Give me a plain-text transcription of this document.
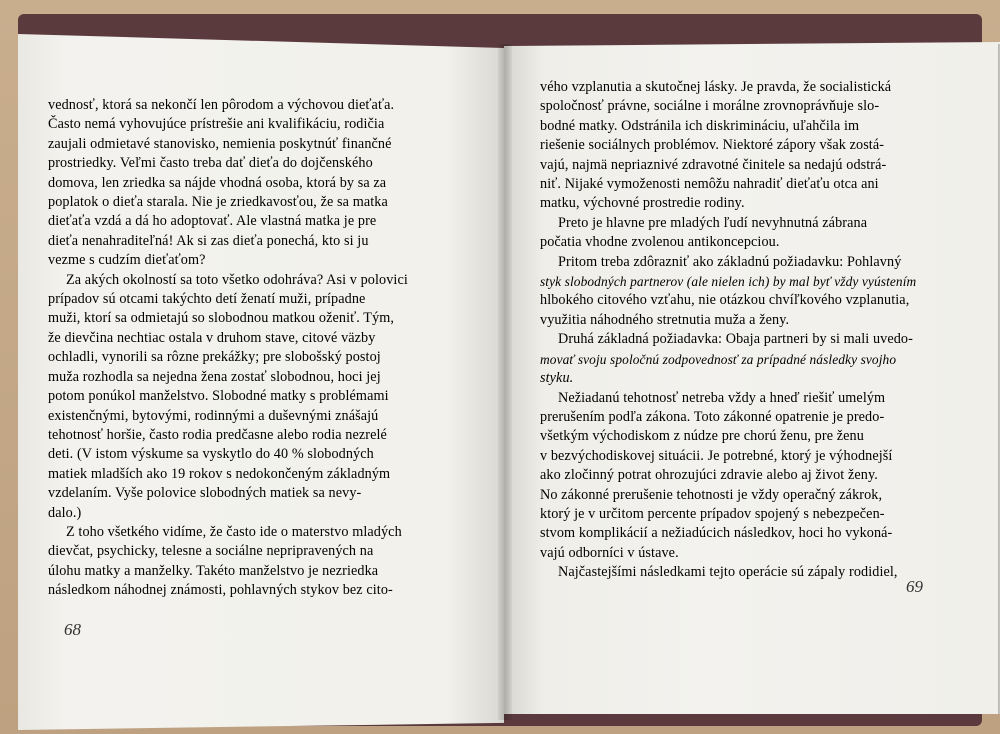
vednosť, ktorá sa nekončí len pôrodom a výchovou dieťaťa.
Často nemá vyhovujúce prístrešie ani kvalifikáciu, rodičia
zaujali odmietavé stanovisko, nemienia poskytnúť finančné
prostriedky. Veľmi často treba dať dieťa do dojčenského
domova, len zriedka sa nájde vhodná osoba, ktorá by sa za
poplatok o dieťa starala. Nie je zriedkavosťou, že sa matka
dieťaťa vzdá a dá ho adoptovať. Ale vlastná matka je pre
dieťa nenahraditeľná! Ak si zas dieťa ponechá, kto si ju
vezme s cudzím dieťaťom?
Za akých okolností sa toto všetko odohráva? Asi v polovici
prípadov sú otcami takýchto detí ženatí muži, prípadne
muži, ktorí sa odmietajú so slobodnou matkou oženiť. Tým,
že dievčina nechtiac ostala v druhom stave, citové väzby
ochladli, vynorili sa rôzne prekážky; pre slobošský postoj
muža rozhodla sa nejedna žena zostať slobodnou, hoci jej
potom ponúkol manželstvo. Slobodné matky s problémami
existenčnými, bytovými, rodinnými a duševnými znášajú
tehotnosť horšie, často rodia predčasne alebo rodia nezrelé
deti. (V istom výskume sa vyskytlo do 40 % slobodných
matiek mladších ako 19 rokov s nedokončeným základným
vzdelaním. Vyše polovice slobodných matiek sa nevy-
dalo.)
Z toho všetkého vidíme, že často ide o materstvo mladých
dievčat, psychicky, telesne a sociálne nepripravených na
úlohu matky a manželky. Takéto manželstvo je nezriedka
následkom náhodnej známosti, pohlavných stykov bez cito-
68
vého vzplanutia a skutočnej lásky. Je pravda, že socialistická
spoločnosť právne, sociálne i morálne zrovnoprávňuje slo-
bodné matky. Odstránila ich diskrimináciu, uľahčila im
riešenie sociálnych problémov. Niektoré zápory však zostá-
vajú, najmä nepriaznivé zdravotné činitele sa nedajú odstrá-
niť. Nijaké vymoženosti nemôžu nahradiť dieťaťu otca ani
matku, výchovné prostredie rodiny.
Preto je hlavne pre mladých ľudí nevyhnutná zábrana
počatia vhodne zvolenou antikoncepciou.
Pritom treba zdôrazniť ako základnú požiadavku: Pohlavný
styk slobodných partnerov (ale nielen ich) by mal byť vždy vyústením
hlbokého citového vzťahu, nie otázkou chvíľkového vzplanutia,
využitia náhodného stretnutia muža a ženy.
Druhá základná požiadavka: Obaja partneri by si mali uvedo-
movať svoju spoločnú zodpovednosť za prípadné následky svojho
styku.
Nežiadanú tehotnosť netreba vždy a hneď riešiť umelým
prerušením podľa zákona. Toto zákonné opatrenie je predo-
všetkým východiskom z núdze pre chorú ženu, pre ženu
v bezvýchodiskovej situácii. Je potrebné, ktorý je výhodnejší
ako zločinný potrat ohrozujúci zdravie alebo aj život ženy.
No zákonné prerušenie tehotnosti je vždy operačný zákrok,
ktorý je v určitom percente prípadov spojený s nebezpečen-
stvom komplikácií a nežiadúcich následkov, hoci ho vykoná-
vajú odborníci v ústave.
Najčastejšími následkami tejto operácie sú zápaly rodidiel,
69
